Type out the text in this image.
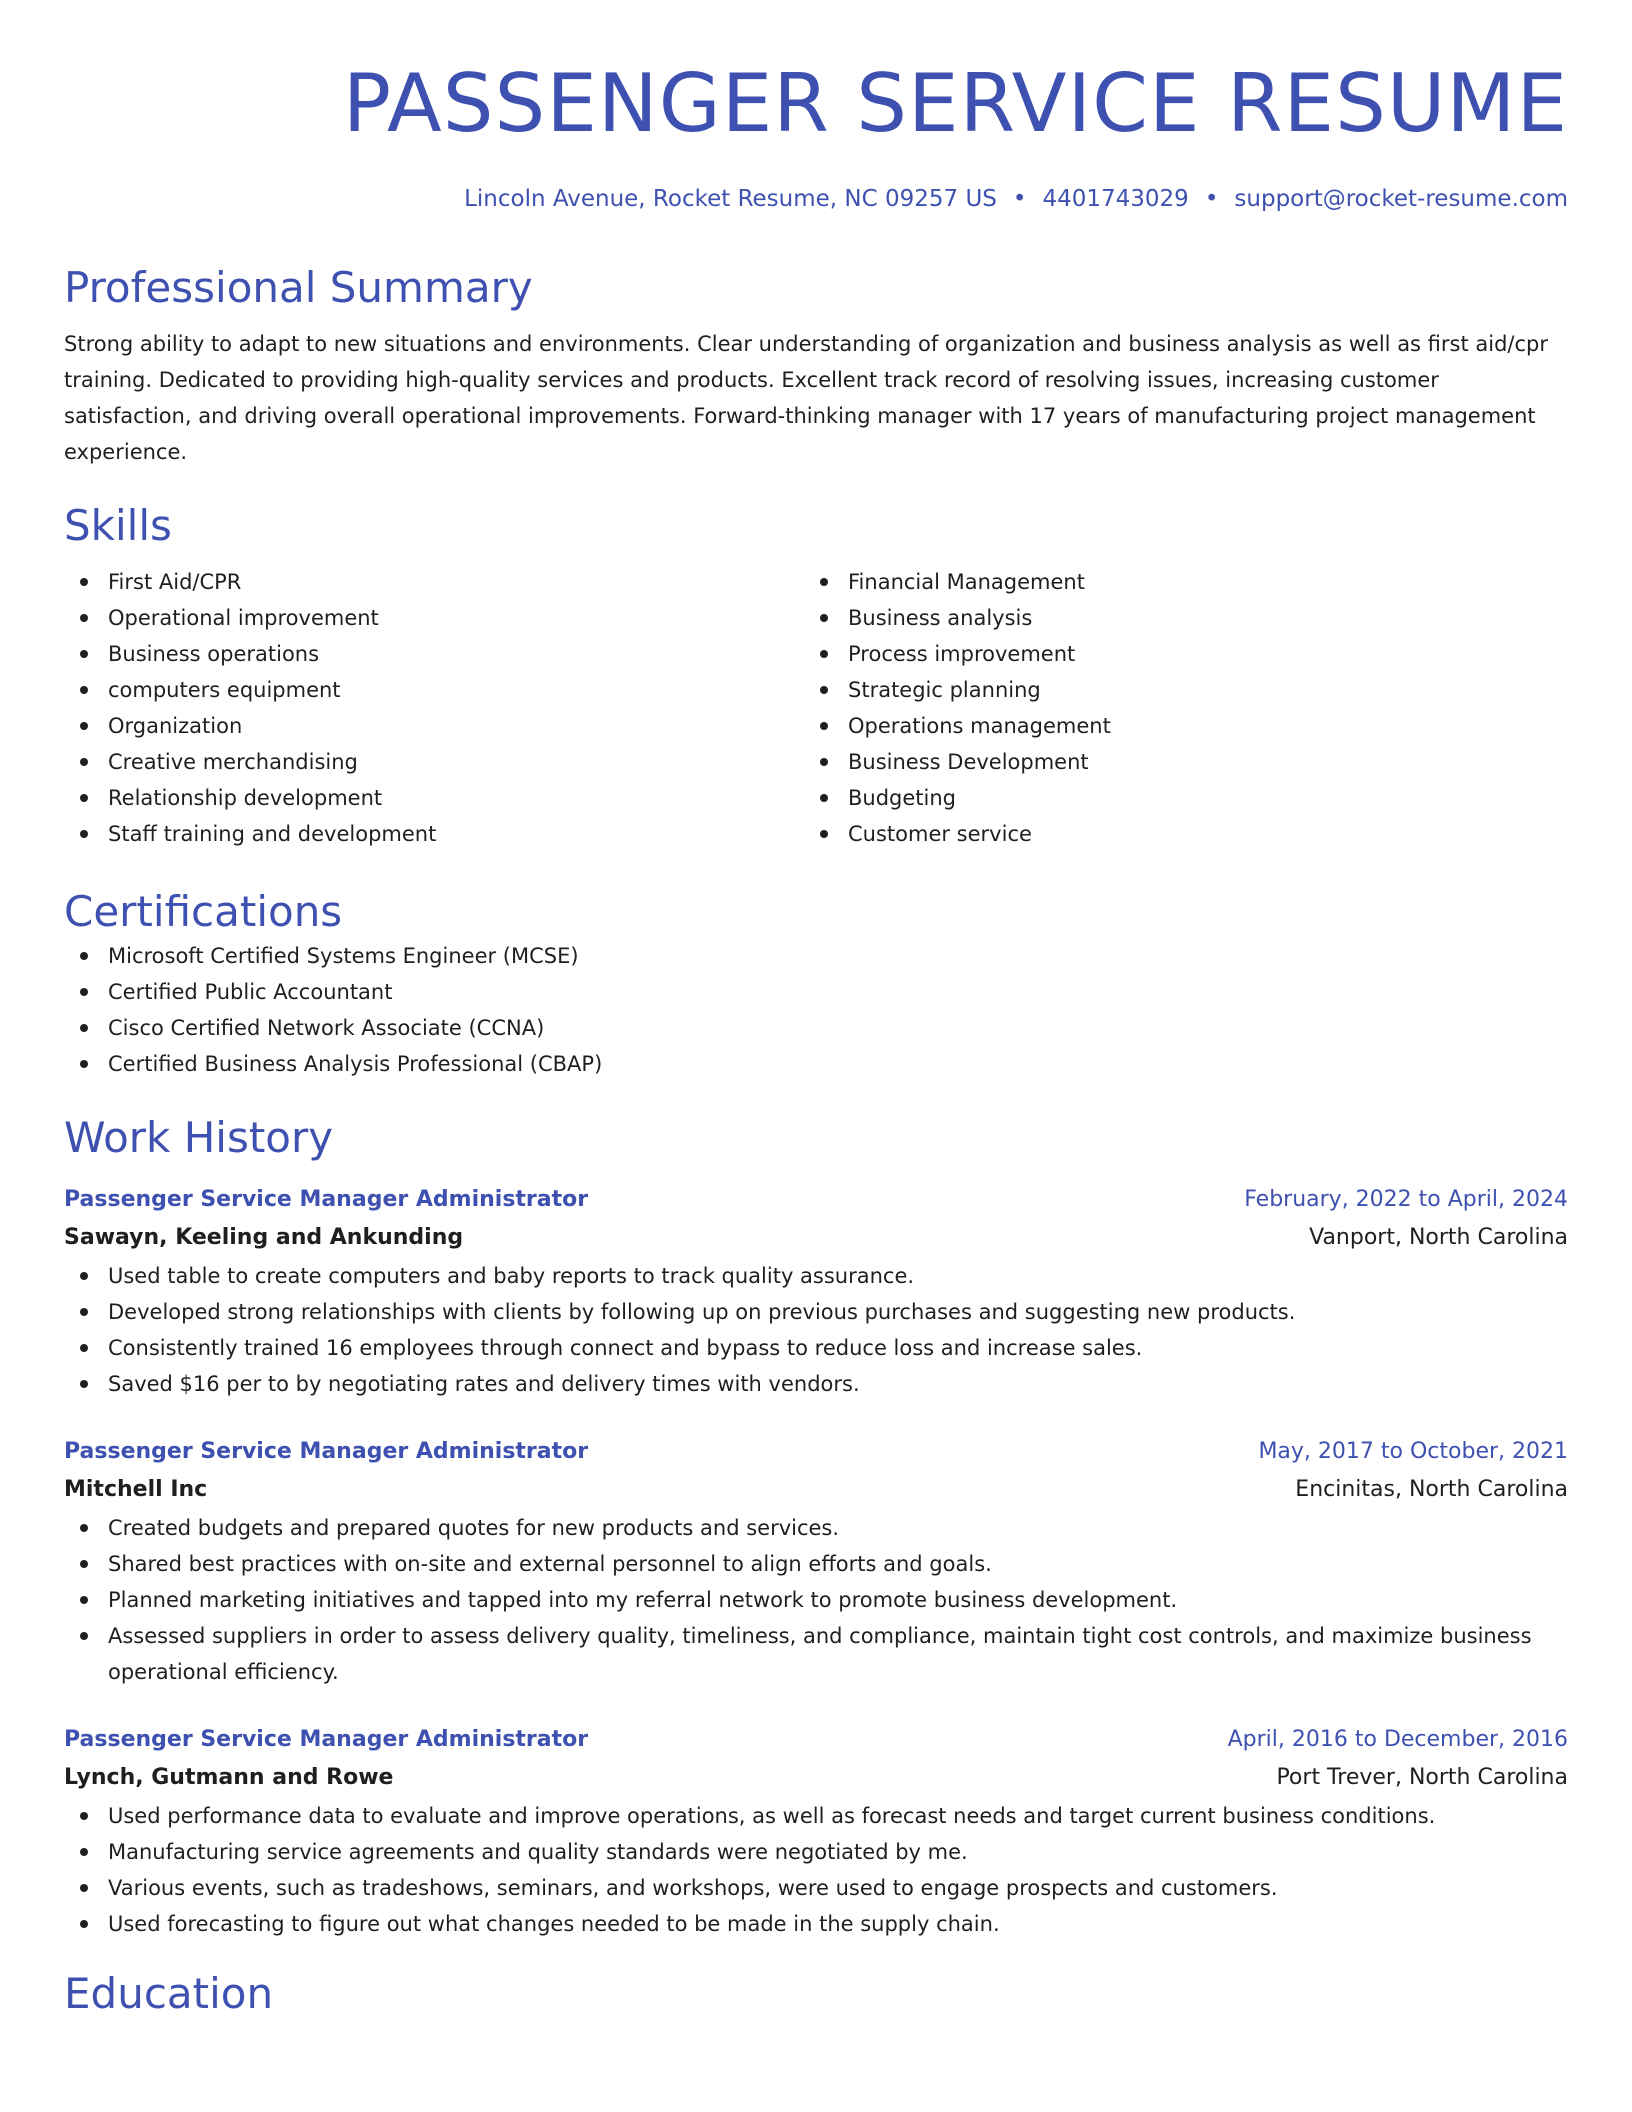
PASSENGER SERVICE RESUME
Lincoln Avenue, Rocket Resume, NC 09257 US • 4401743029 • support@rocket-resume.com
Professional Summary
Strong ability to adapt to new situations and environments. Clear understanding of organization and business analysis as well as first aid/cpr training. Dedicated to providing high-quality services and products. Excellent track record of resolving issues, increasing customer satisfaction, and driving overall operational improvements. Forward-thinking manager with 17 years of manufacturing project management experience.
Skills
First Aid/CPR
Operational improvement
Business operations
computers equipment
Organization
Creative merchandising
Relationship development
Staff training and development
Financial Management
Business analysis
Process improvement
Strategic planning
Operations management
Business Development
Budgeting
Customer service
Certifications
Microsoft Certified Systems Engineer (MCSE)
Certified Public Accountant
Cisco Certified Network Associate (CCNA)
Certified Business Analysis Professional (CBAP)
Work History
Passenger Service Manager Administrator	February, 2022 to April, 2024
Sawayn, Keeling and Ankunding	Vanport, North Carolina
Used table to create computers and baby reports to track quality assurance.
Developed strong relationships with clients by following up on previous purchases and suggesting new products.
Consistently trained 16 employees through connect and bypass to reduce loss and increase sales.
Saved $16 per to by negotiating rates and delivery times with vendors.
Passenger Service Manager Administrator	May, 2017 to October, 2021
Mitchell Inc	Encinitas, North Carolina
Created budgets and prepared quotes for new products and services.
Shared best practices with on-site and external personnel to align efforts and goals.
Planned marketing initiatives and tapped into my referral network to promote business development.
Assessed suppliers in order to assess delivery quality, timeliness, and compliance, maintain tight cost controls, and maximize business operational efficiency.
Passenger Service Manager Administrator	April, 2016 to December, 2016
Lynch, Gutmann and Rowe	Port Trever, North Carolina
Used performance data to evaluate and improve operations, as well as forecast needs and target current business conditions.
Manufacturing service agreements and quality standards were negotiated by me.
Various events, such as tradeshows, seminars, and workshops, were used to engage prospects and customers.
Used forecasting to figure out what changes needed to be made in the supply chain.
Education
